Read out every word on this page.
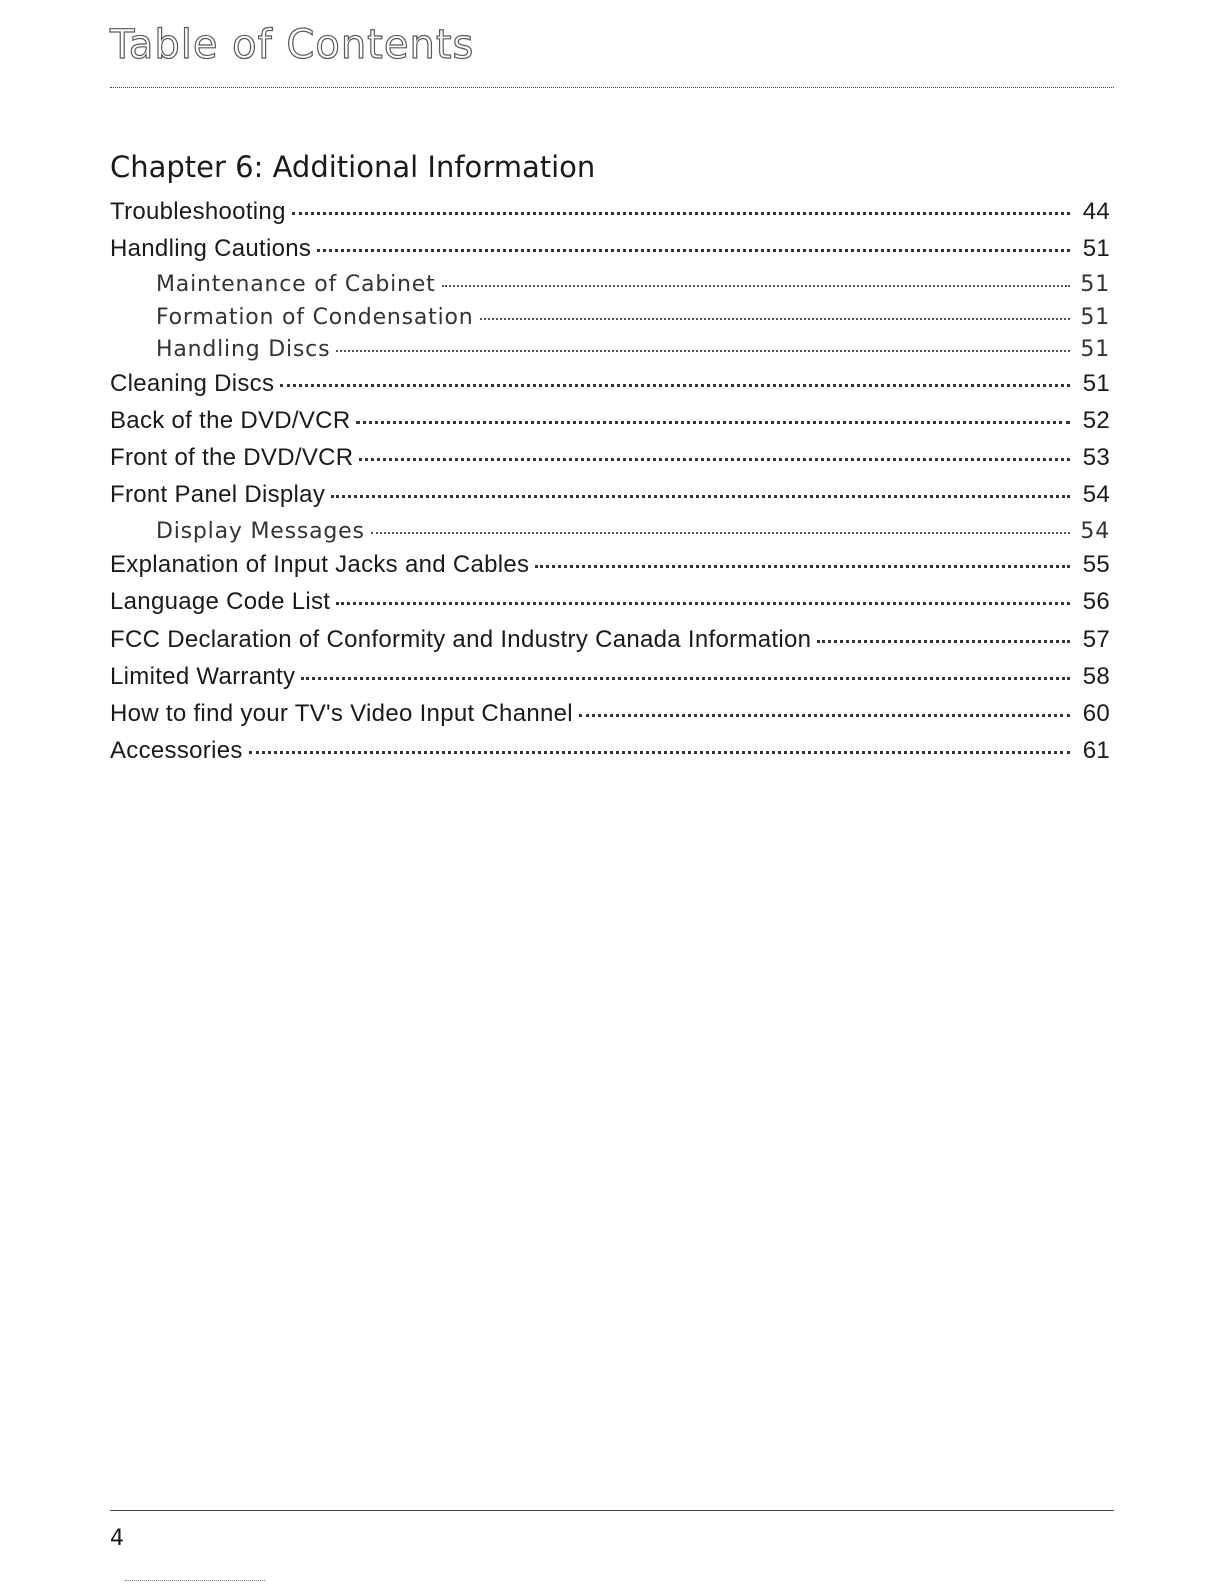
Table of Contents
Chapter 6: Additional Information
Troubleshooting	44
Handling Cautions	51
Maintenance of Cabinet	51
Formation of Condensation	51
Handling Discs	51
Cleaning Discs	51
Back of the DVD/VCR	52
Front of the DVD/VCR	53
Front Panel Display	54
Display Messages	54
Explanation of Input Jacks and Cables	55
Language Code List	56
FCC Declaration of Conformity and Industry Canada Information	57
Limited Warranty	58
How to find your TV's Video Input Channel	60
Accessories	61
4
